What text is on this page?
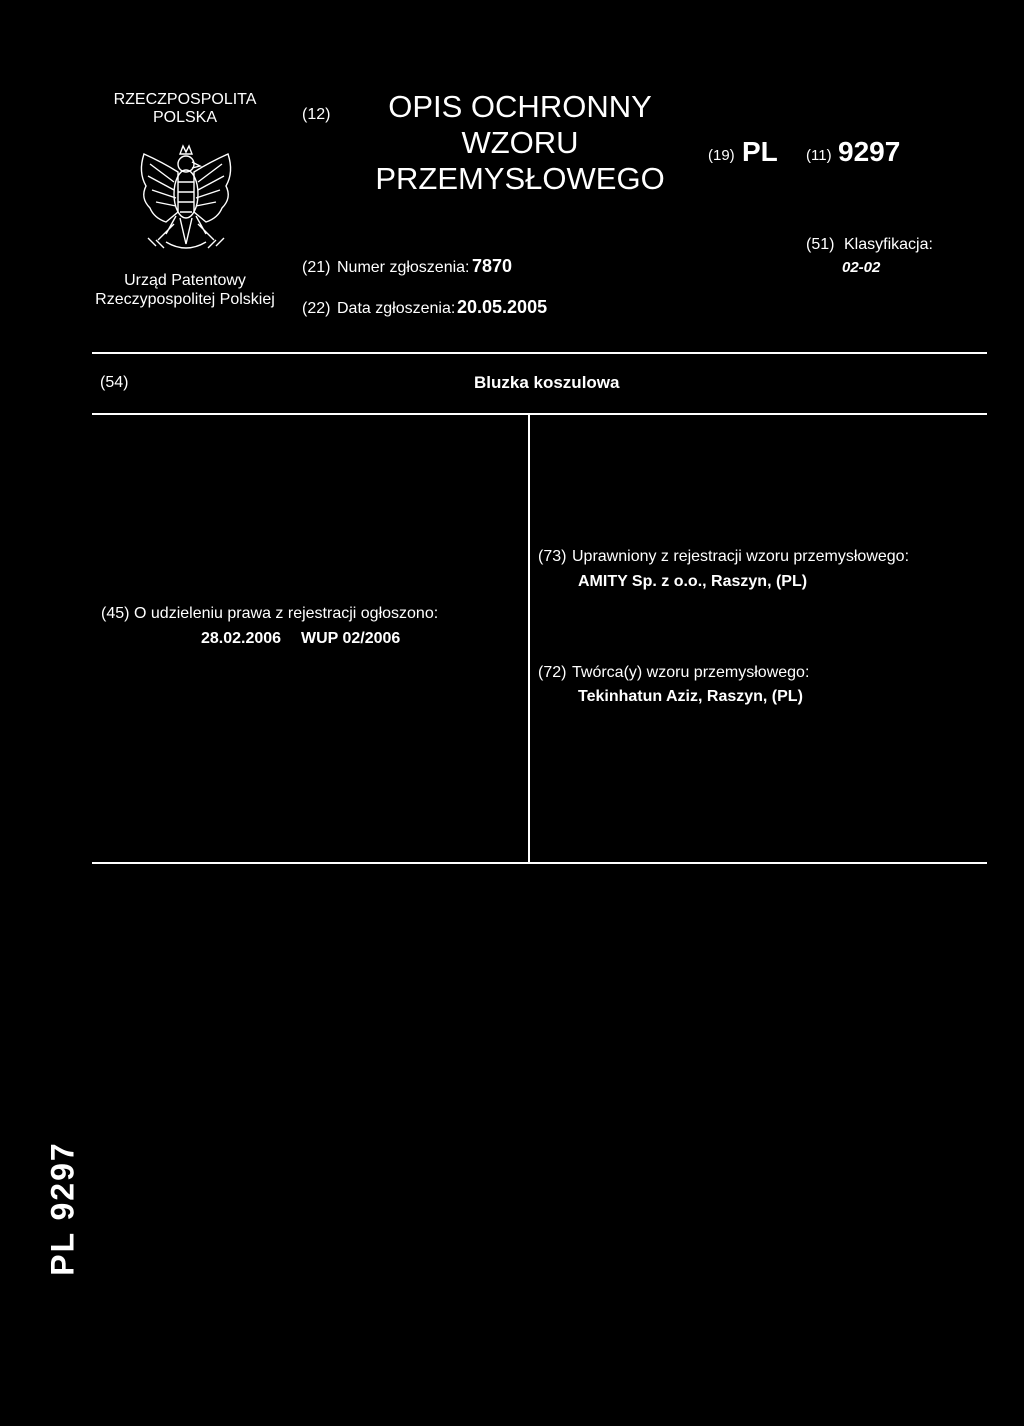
RZECZPOSPOLITA
POLSKA
Urząd Patentowy
Rzeczypospolitej Polskiej
(12)	OPIS OCHRONNY
WZORU
PRZEMYSŁOWEGO
(19) PL (11) 9297
(21) Numer zgłoszenia: 7870
(51) Klasyfikacja:
02-02
(22) Data zgłoszenia: 20.05.2005
(54)	Bluzka koszulowa
(45) O udzieleniu prawa z rejestracji ogłoszono:
28.02.2006 WUP 02/2006
(73) Uprawniony z rejestracji wzoru przemysłowego:
AMITY Sp. z o.o., Raszyn, (PL)
(72) Twórca(y) wzoru przemysłowego:
Tekinhatun Aziz, Raszyn, (PL)
PL 9297
